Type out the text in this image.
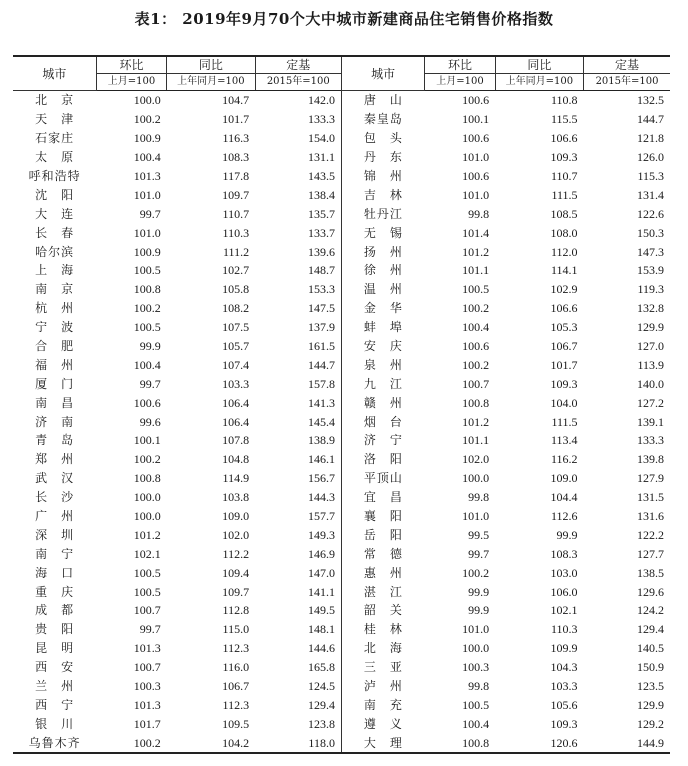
表1： 2019年9月70个大中城市新建商品住宅销售价格指数
城市	环比	同比	定基	城市	环比	同比	定基
	上月=100	上年同月=100	2015年=100		上月=100	上年同月=100	2015年=100
北　京	100.0	104.7	142.0	唐　山	100.6	110.8	132.5
天　津	100.2	101.7	133.3	秦皇岛	100.1	115.5	144.7
石家庄	100.9	116.3	154.0	包　头	100.6	106.6	121.8
太　原	100.4	108.3	131.1	丹　东	101.0	109.3	126.0
呼和浩特	101.3	117.8	143.5	锦　州	100.6	110.7	115.3
沈　阳	101.0	109.7	138.4	吉　林	101.0	111.5	131.4
大　连	99.7	110.7	135.7	牡丹江	99.8	108.5	122.6
长　春	101.0	110.3	133.7	无　锡	101.4	108.0	150.3
哈尔滨	100.9	111.2	139.6	扬　州	101.2	112.0	147.3
上　海	100.5	102.7	148.7	徐　州	101.1	114.1	153.9
南　京	100.8	105.8	153.3	温　州	100.5	102.9	119.3
杭　州	100.2	108.2	147.5	金　华	100.2	106.6	132.8
宁　波	100.5	107.5	137.9	蚌　埠	100.4	105.3	129.9
合　肥	99.9	105.7	161.5	安　庆	100.6	106.7	127.0
福　州	100.4	107.4	144.7	泉　州	100.2	101.7	113.9
厦　门	99.7	103.3	157.8	九　江	100.7	109.3	140.0
南　昌	100.6	106.4	141.3	赣　州	100.8	104.0	127.2
济　南	99.6	106.4	145.4	烟　台	101.2	111.5	139.1
青　岛	100.1	107.8	138.9	济　宁	101.1	113.4	133.3
郑　州	100.2	104.8	146.1	洛　阳	102.0	116.2	139.8
武　汉	100.8	114.9	156.7	平顶山	100.0	109.0	127.9
长　沙	100.0	103.8	144.3	宜　昌	99.8	104.4	131.5
广　州	100.0	109.0	157.7	襄　阳	101.0	112.6	131.6
深　圳	101.2	102.0	149.3	岳　阳	99.5	99.9	122.2
南　宁	102.1	112.2	146.9	常　德	99.7	108.3	127.7
海　口	100.5	109.4	147.0	惠　州	100.2	103.0	138.5
重　庆	100.5	109.7	141.1	湛　江	99.9	106.0	129.6
成　都	100.7	112.8	149.5	韶　关	99.9	102.1	124.2
贵　阳	99.7	115.0	148.1	桂　林	101.0	110.3	129.4
昆　明	101.3	112.3	144.6	北　海	100.0	109.9	140.5
西　安	100.7	116.0	165.8	三　亚	100.3	104.3	150.9
兰　州	100.3	106.7	124.5	泸　州	99.8	103.3	123.5
西　宁	101.3	112.3	129.4	南　充	100.5	105.6	129.9
银　川	101.7	109.5	123.8	遵　义	100.4	109.3	129.2
乌鲁木齐	100.2	104.2	118.0	大　理	100.8	120.6	144.9
